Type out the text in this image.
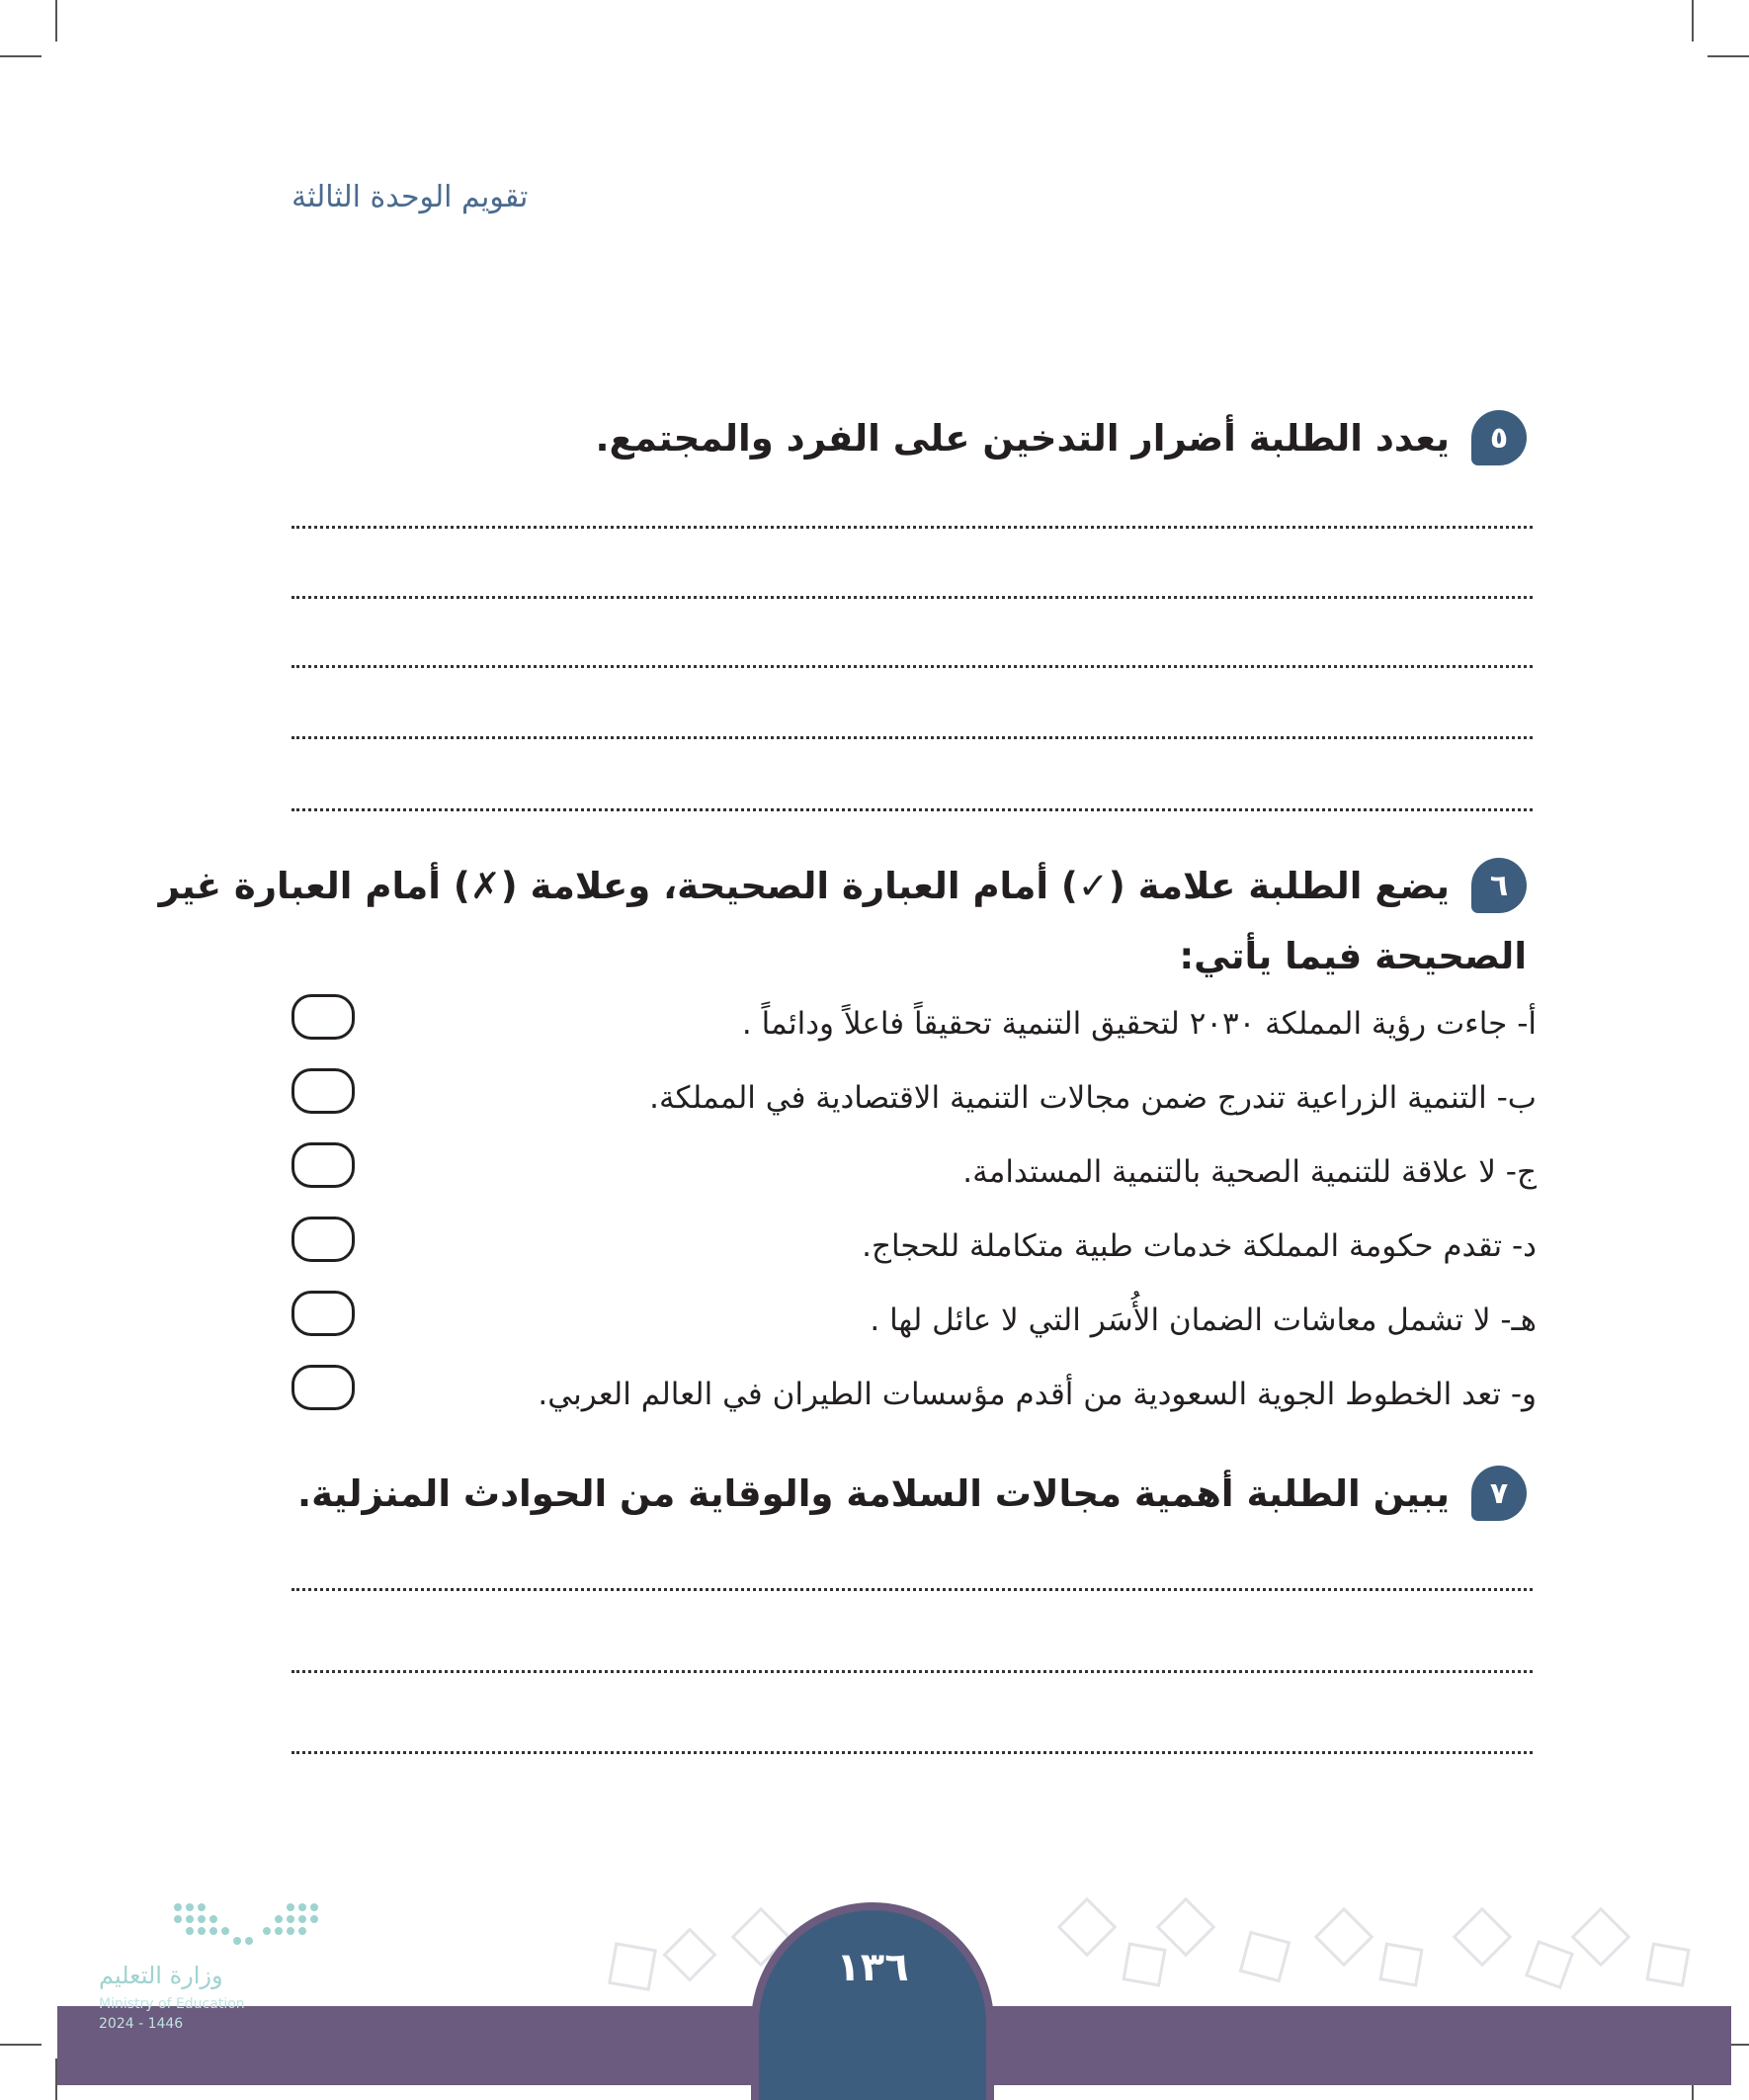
تقويم الوحدة الثالثة
٥
يعدد الطلبة أضرار التدخين على الفرد والمجتمع.
٦
يضع الطلبة علامة (✓) أمام العبارة الصحيحة، وعلامة (✗) أمام العبارة غير
الصحيحة فيما يأتي:
أ- جاءت رؤية المملكة ٢٠٣٠ لتحقيق التنمية تحقيقاً فاعلاً ودائماً .
ب- التنمية الزراعية تندرج ضمن مجالات التنمية الاقتصادية في المملكة.
ج- لا علاقة للتنمية الصحية بالتنمية المستدامة.
د- تقدم حكومة المملكة خدمات طبية متكاملة للحجاج.
هـ- لا تشمل معاشات الضمان الأُسَر التي لا عائل لها .
و- تعد الخطوط الجوية السعودية من أقدم مؤسسات الطيران في العالم العربي.
٧
يبين الطلبة أهمية مجالات السلامة والوقاية من الحوادث المنزلية.
١٣٦
وزارة التعليم
Ministry of Education
2024 - 1446
